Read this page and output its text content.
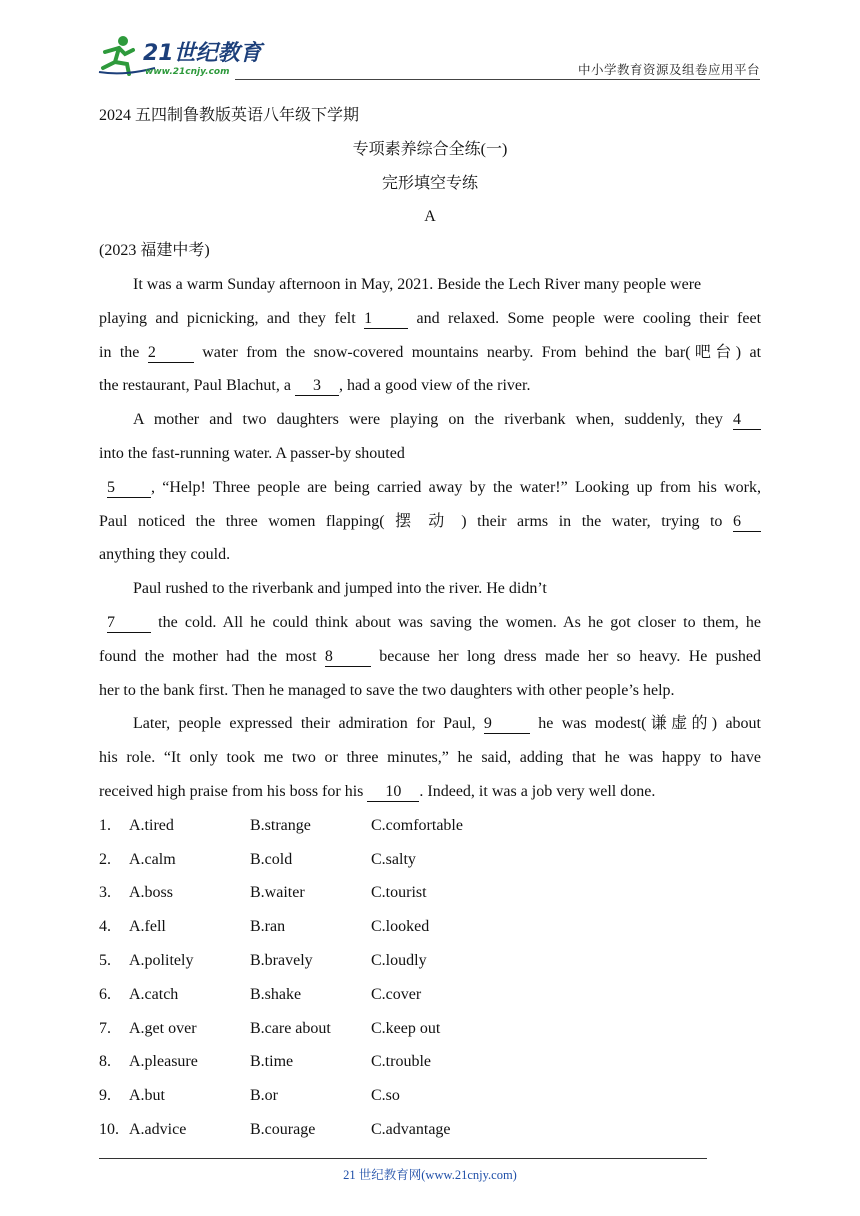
21世纪教育
www.21cnjy.com	中小学教育资源及组卷应用平台
2024 五四制鲁教版英语八年级下学期
专项素养综合全练(一)
完形填空专练
A
(2023 福建中考)
It was a warm Sunday afternoon in May, 2021. Beside the Lech River many people were
playing and picnicking, and they felt 1	and relaxed. Some people were cooling their feet
in the 2	water from the snow-covered mountains nearby. From behind the bar(吧台) at
the restaurant, Paul Blachut, a 3 , had a good view of the river.
A mother and two daughters were playing on the riverbank when, suddenly, they 4
into the fast-running water. A passer-by shouted
5 , “Help! Three people are being carried away by the water!” Looking up from his work,
Paul noticed the three women flapping( 摆 动 ) their arms in the water, trying to 6
anything they could.
Paul rushed to the riverbank and jumped into the river. He didn’t
7	the cold. All he could think about was saving the women. As he got closer to them, he
found the mother had the most 8	because her long dress made her so heavy. He pushed
her to the bank first. Then he managed to save the two daughters with other people’s help.
Later, people expressed their admiration for Paul, 9	he was modest(谦虚的) about
his role. “It only took me two or three minutes,” he said, adding that he was happy to have
received high praise from his boss for his 10 . Indeed, it was a job very well done.
1.	A.tired	B.strange	C.comfortable
2.	A.calm	B.cold	C.salty
3.	A.boss	B.waiter	C.tourist
4.	A.fell	B.ran	C.looked
5.	A.politely	B.bravely	C.loudly
6.	A.catch	B.shake	C.cover
7.	A.get over	B.care about	C.keep out
8.	A.pleasure	B.time	C.trouble
9.	A.but	B.or	C.so
10. A.advice	B.courage	C.advantage
21 世纪教育网(www.21cnjy.com)
